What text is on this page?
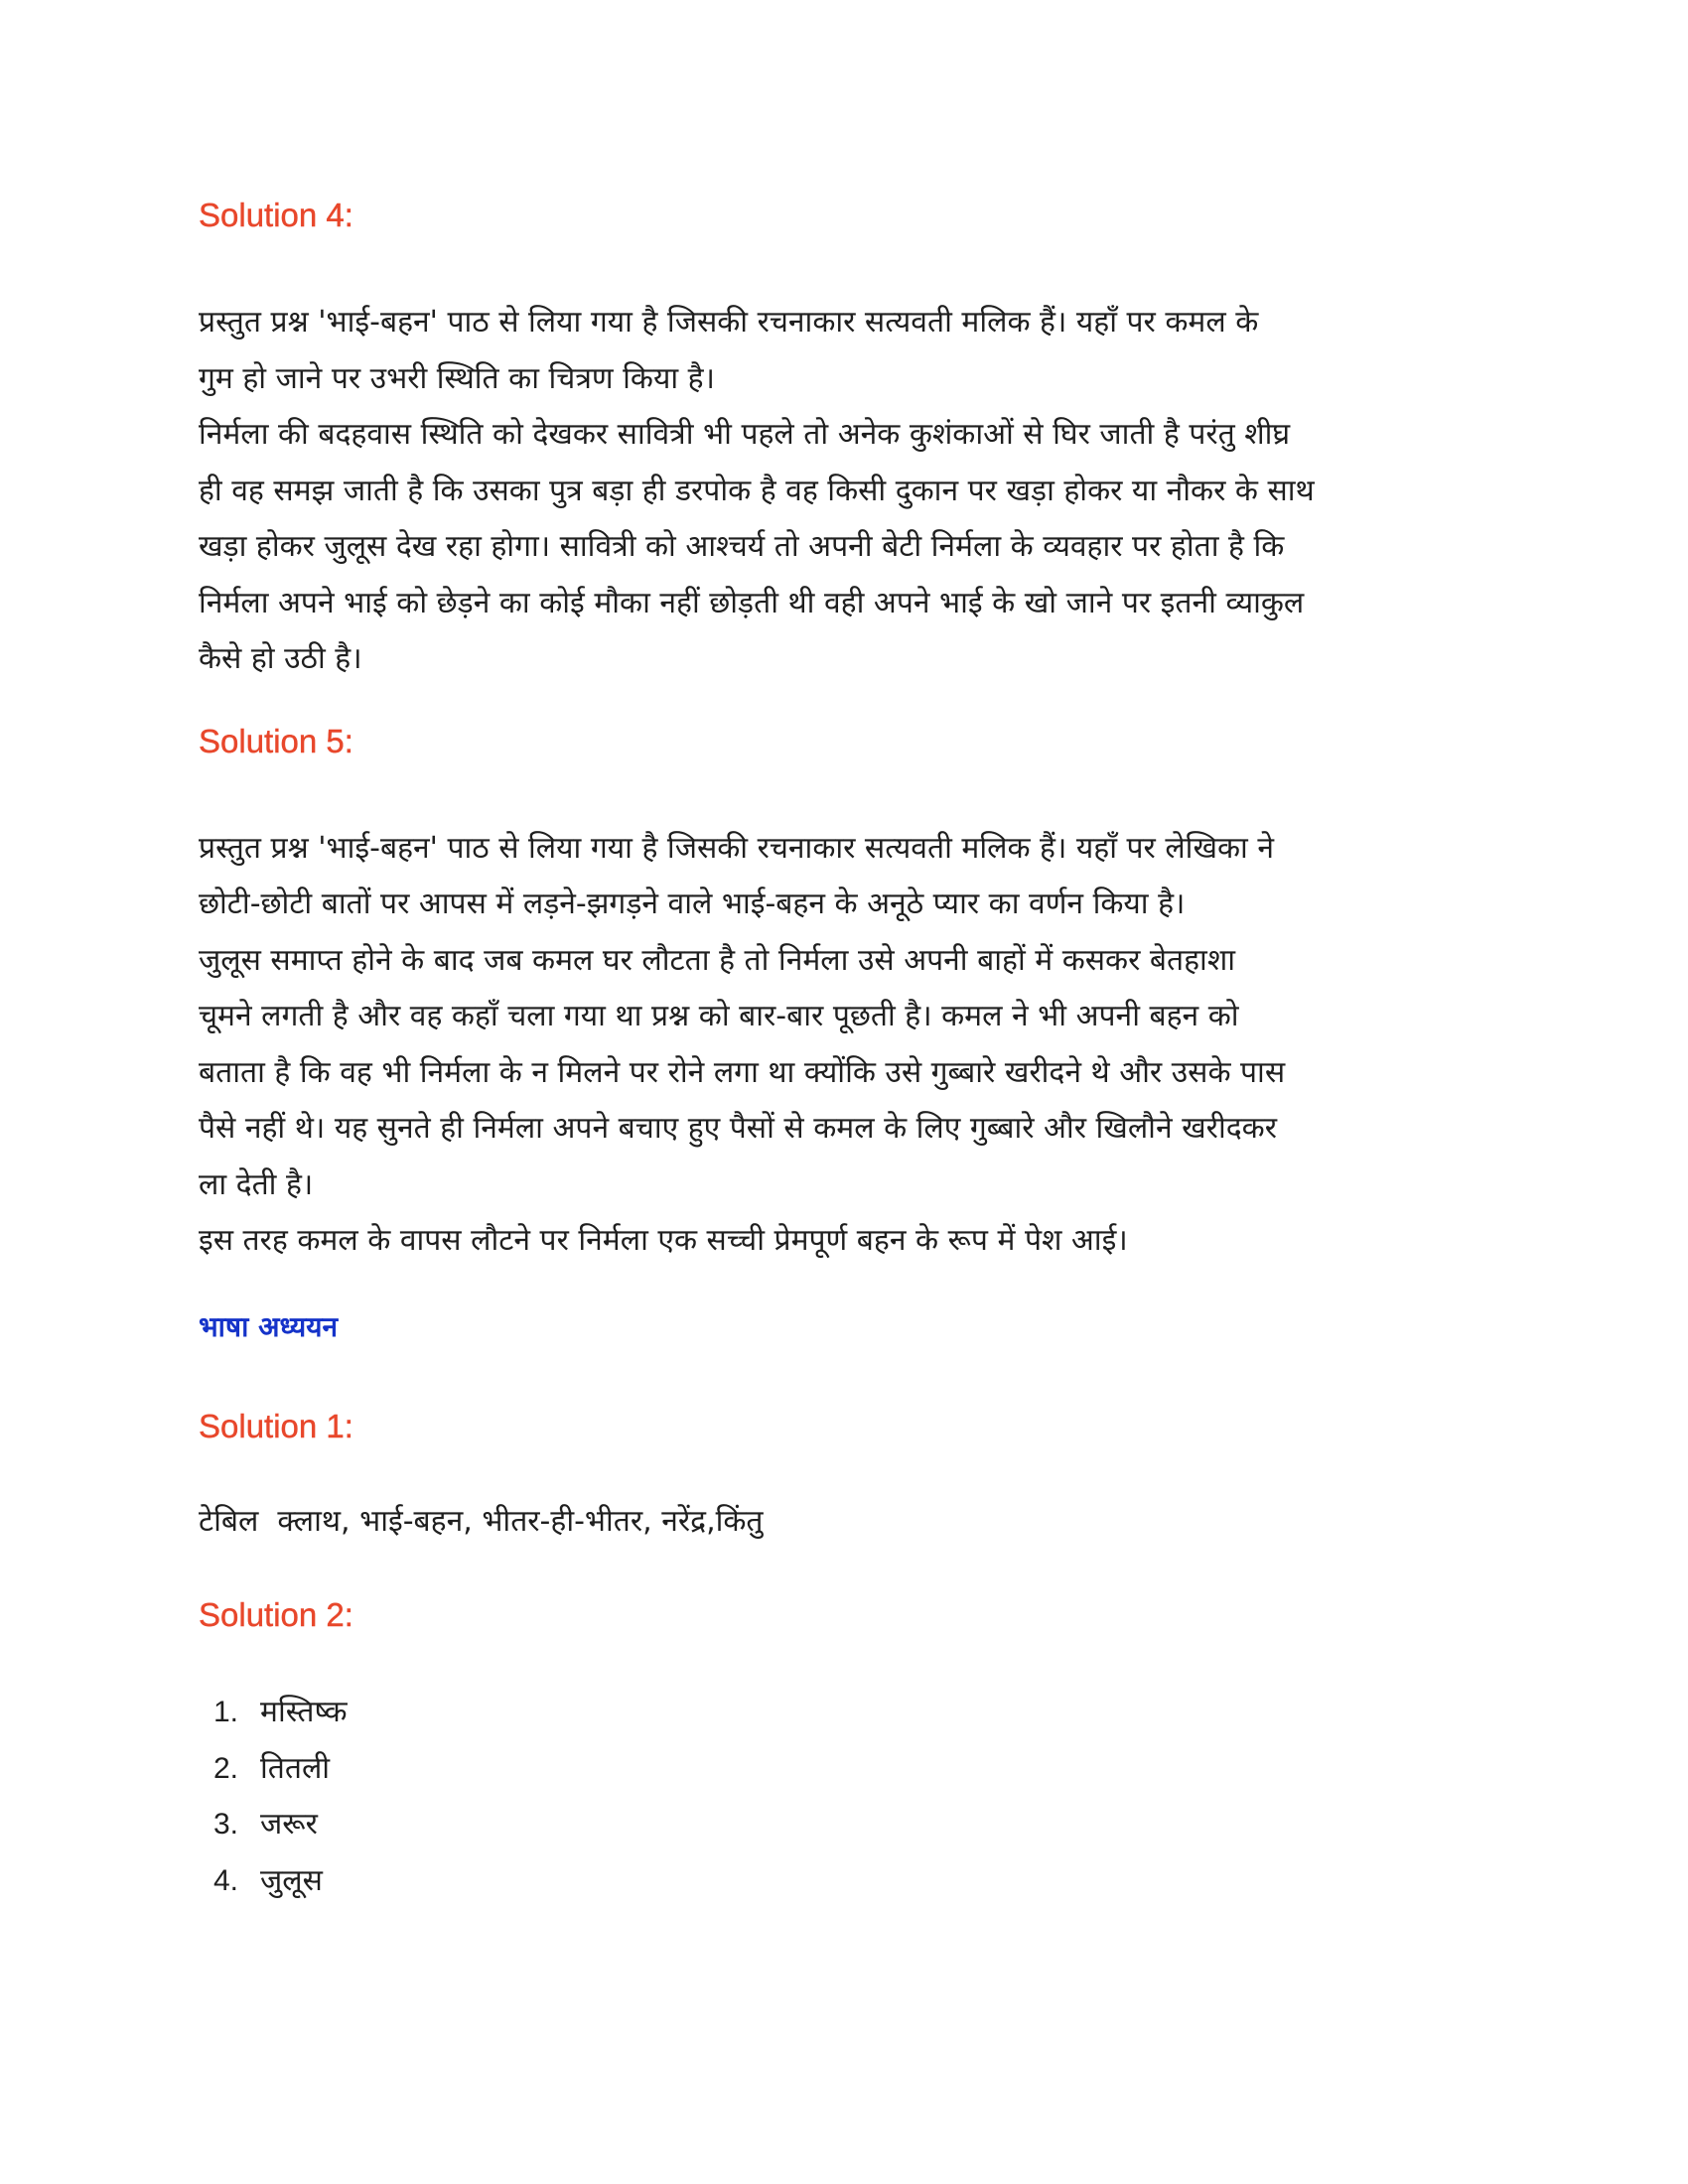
Solution 4:

प्रस्तुत प्रश्न 'भाई-बहन' पाठ से लिया गया है जिसकी रचनाकार सत्यवती मलिक हैं। यहाँ पर कमल के
गुम हो जाने पर उभरी स्थिति का चित्रण किया है।
निर्मला की बदहवास स्थिति को देखकर सावित्री भी पहले तो अनेक कुशंकाओं से घिर जाती है परंतु शीघ्र
ही वह समझ जाती है कि उसका पुत्र बड़ा ही डरपोक है वह किसी दुकान पर खड़ा होकर या नौकर के साथ
खड़ा होकर जुलूस देख रहा होगा। सावित्री को आश्चर्य तो अपनी बेटी निर्मला के व्यवहार पर होता है कि
निर्मला अपने भाई को छेड़ने का कोई मौका नहीं छोड़ती थी वही अपने भाई के खो जाने पर इतनी व्याकुल
कैसे हो उठी है।

Solution 5:

प्रस्तुत प्रश्न 'भाई-बहन' पाठ से लिया गया है जिसकी रचनाकार सत्यवती मलिक हैं। यहाँ पर लेखिका ने
छोटी-छोटी बातों पर आपस में लड़ने-झगड़ने वाले भाई-बहन के अनूठे प्यार का वर्णन किया है।
जुलूस समाप्त होने के बाद जब कमल घर लौटता है तो निर्मला उसे अपनी बाहों में कसकर बेतहाशा
चूमने लगती है और वह कहाँ चला गया था प्रश्न को बार-बार पूछती है। कमल ने भी अपनी बहन को
बताता है कि वह भी निर्मला के न मिलने पर रोने लगा था क्योंकि उसे गुब्बारे खरीदने थे और उसके पास
पैसे नहीं थे। यह सुनते ही निर्मला अपने बचाए हुए पैसों से कमल के लिए गुब्बारे और खिलौने खरीदकर
ला देती है।
इस तरह कमल के वापस लौटने पर निर्मला एक सच्ची प्रेमपूर्ण बहन के रूप में पेश आई।

भाषा अध्ययन
Solution 1:

टेबिल  क्लाथ, भाई-बहन, भीतर-ही-भीतर, नरेंद्र,किंतु

Solution 2:
1. मस्तिष्क
2. तितली
3. जरूर
4. जुलूस
